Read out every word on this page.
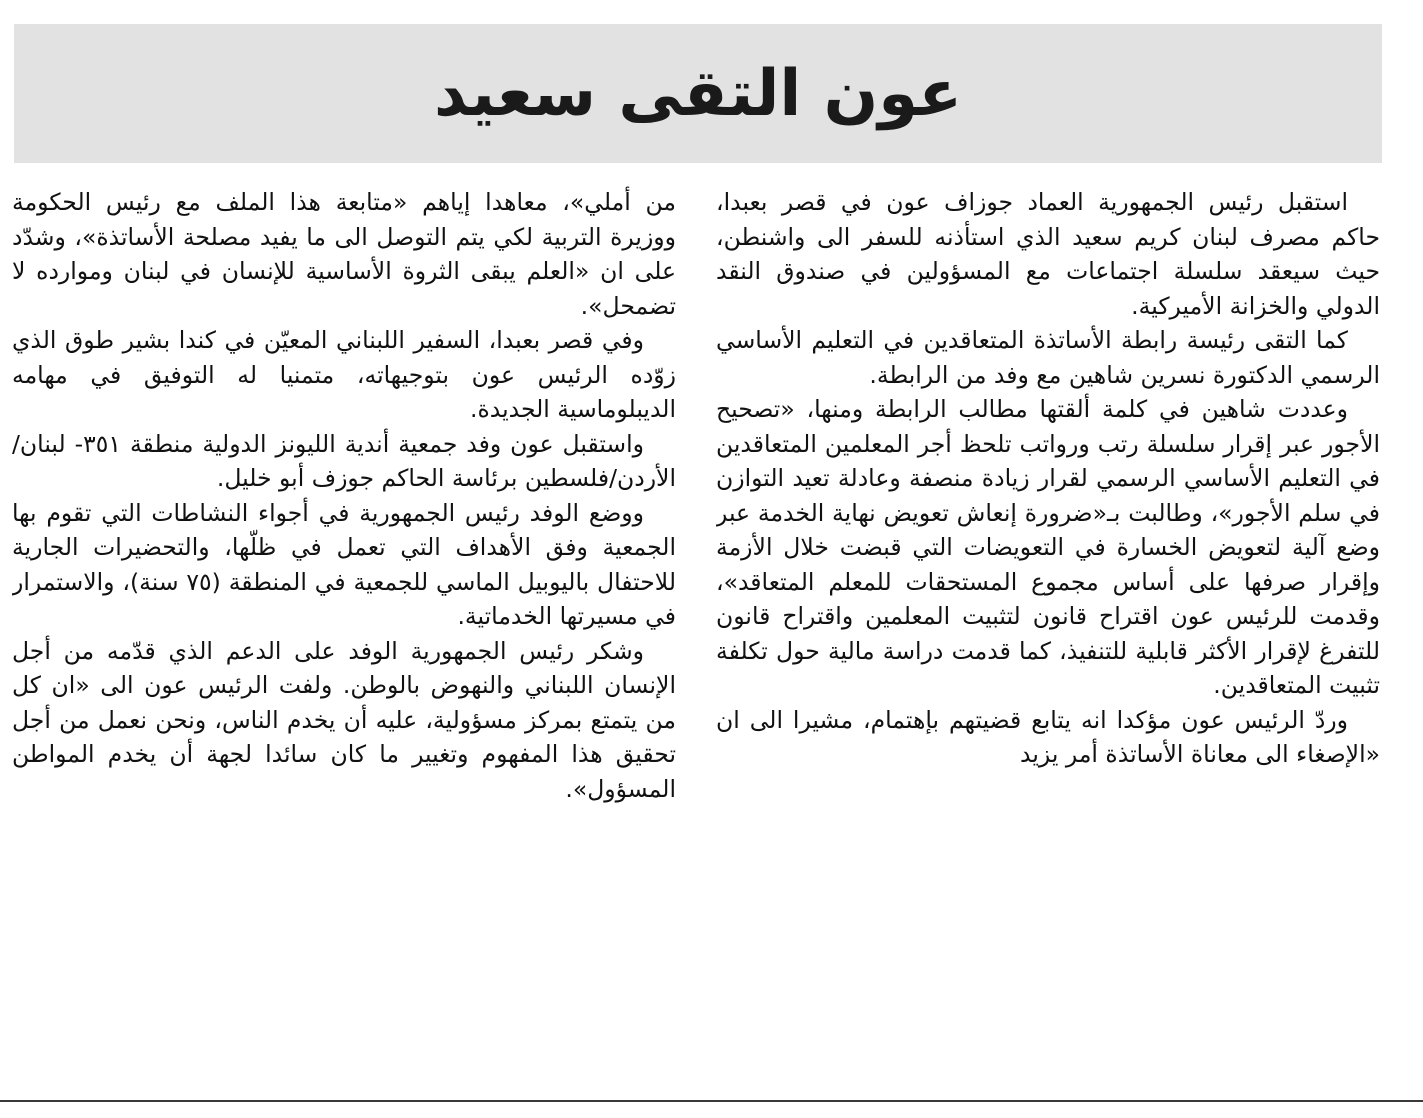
عون التقى سعيد

استقبل رئيس الجمهورية العماد جوزاف عون في قصر بعبدا، حاكم مصرف لبنان كريم سعيد الذي استأذنه للسفر الى واشنطن، حيث سيعقد سلسلة اجتماعات مع المسؤولين في صندوق النقد الدولي والخزانة الأميركية.

كما التقى رئيسة رابطة الأساتذة المتعاقدين في التعليم الأساسي الرسمي الدكتورة نسرين شاهين مع وفد من الرابطة.

وعددت شاهين في كلمة ألقتها مطالب الرابطة ومنها، «تصحيح الأجور عبر إقرار سلسلة رتب ورواتب تلحظ أجر المعلمين المتعاقدين في التعليم الأساسي الرسمي لقرار زيادة منصفة وعادلة تعيد التوازن في سلم الأجور»، وطالبت بـ«ضرورة إنعاش تعويض نهاية الخدمة عبر وضع آلية لتعويض الخسارة في التعويضات التي قبضت خلال الأزمة وإقرار صرفها على أساس مجموع المستحقات للمعلم المتعاقد»، وقدمت للرئيس عون اقتراح قانون لتثبيت المعلمين واقتراح قانون للتفرغ لإقرار الأكثر قابلية للتنفيذ، كما قدمت دراسة مالية حول تكلفة تثبيت المتعاقدين.

وردّ الرئيس عون مؤكدا انه يتابع قضيتهم بإهتمام، مشيرا الى ان «الإصغاء الى معاناة الأساتذة أمر يزيد

من أملي»، معاهدا إياهم «متابعة هذا الملف مع رئيس الحكومة ووزيرة التربية لكي يتم التوصل الى ما يفيد مصلحة الأساتذة»، وشدّد على ان «العلم يبقى الثروة الأساسية للإنسان في لبنان وموارده لا تضمحل».

وفي قصر بعبدا، السفير اللبناني المعيّن في كندا بشير طوق الذي زوّده الرئيس عون بتوجيهاته، متمنيا له التوفيق في مهامه الديبلوماسية الجديدة.

واستقبل عون وفد جمعية أندية الليونز الدولية منطقة ٣٥١- لبنان/الأردن/فلسطين برئاسة الحاكم جوزف أبو خليل.

ووضع الوفد رئيس الجمهورية في أجواء النشاطات التي تقوم بها الجمعية وفق الأهداف التي تعمل في ظلّها، والتحضيرات الجارية للاحتفال باليوبيل الماسي للجمعية في المنطقة (٧٥ سنة)، والاستمرار في مسيرتها الخدماتية.

وشكر رئيس الجمهورية الوفد على الدعم الذي قدّمه من أجل الإنسان اللبناني والنهوض بالوطن. ولفت الرئيس عون الى «ان كل من يتمتع بمركز مسؤولية، عليه أن يخدم الناس، ونحن نعمل من أجل تحقيق هذا المفهوم وتغيير ما كان سائدا لجهة أن يخدم المواطن المسؤول».
